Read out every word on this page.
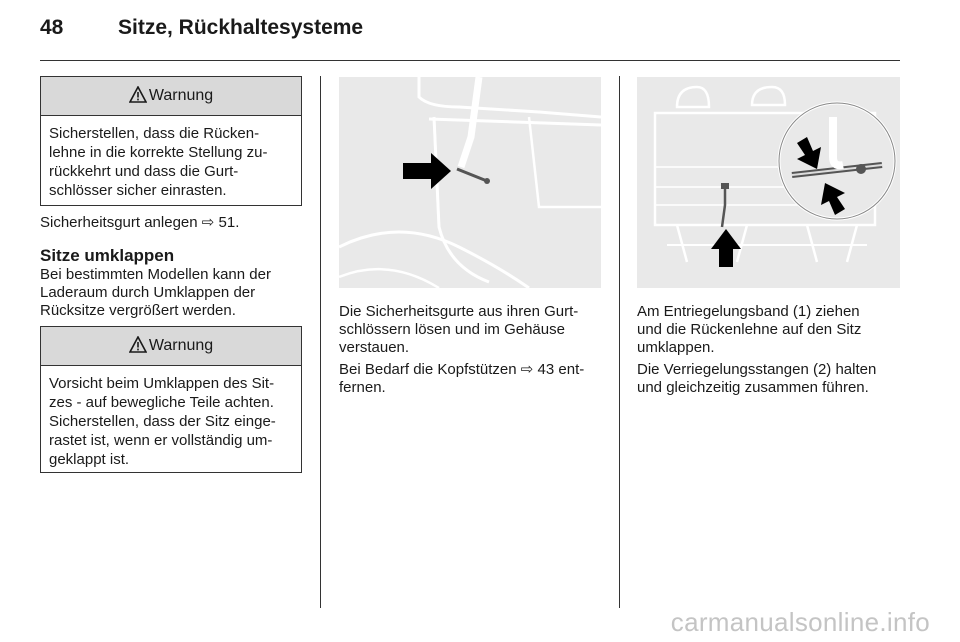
48	Sitze, Rückhaltesysteme
Warnung
Sicherstellen, dass die Rücken-
lehne in die korrekte Stellung zu-
rückkehrt und dass die Gurt-
schlösser sicher einrasten.
Sicherheitsgurt anlegen ⇨ 51.
Sitze umklappen
Bei bestimmten Modellen kann der
Laderaum durch Umklappen der
Rücksitze vergrößert werden.
Warnung
Vorsicht beim Umklappen des Sit-
zes - auf bewegliche Teile achten.
Sicherstellen, dass der Sitz einge-
rastet ist, wenn er vollständig um-
geklappt ist.
Die Sicherheitsgurte aus ihren Gurt-
schlössern lösen und im Gehäuse
verstauen.
Bei Bedarf die Kopfstützen ⇨ 43 ent-
fernen.
Am Entriegelungsband (1) ziehen
und die Rückenlehne auf den Sitz
umklappen.
Die Verriegelungsstangen (2) halten
und gleichzeitig zusammen führen.
carmanualsonline.info
